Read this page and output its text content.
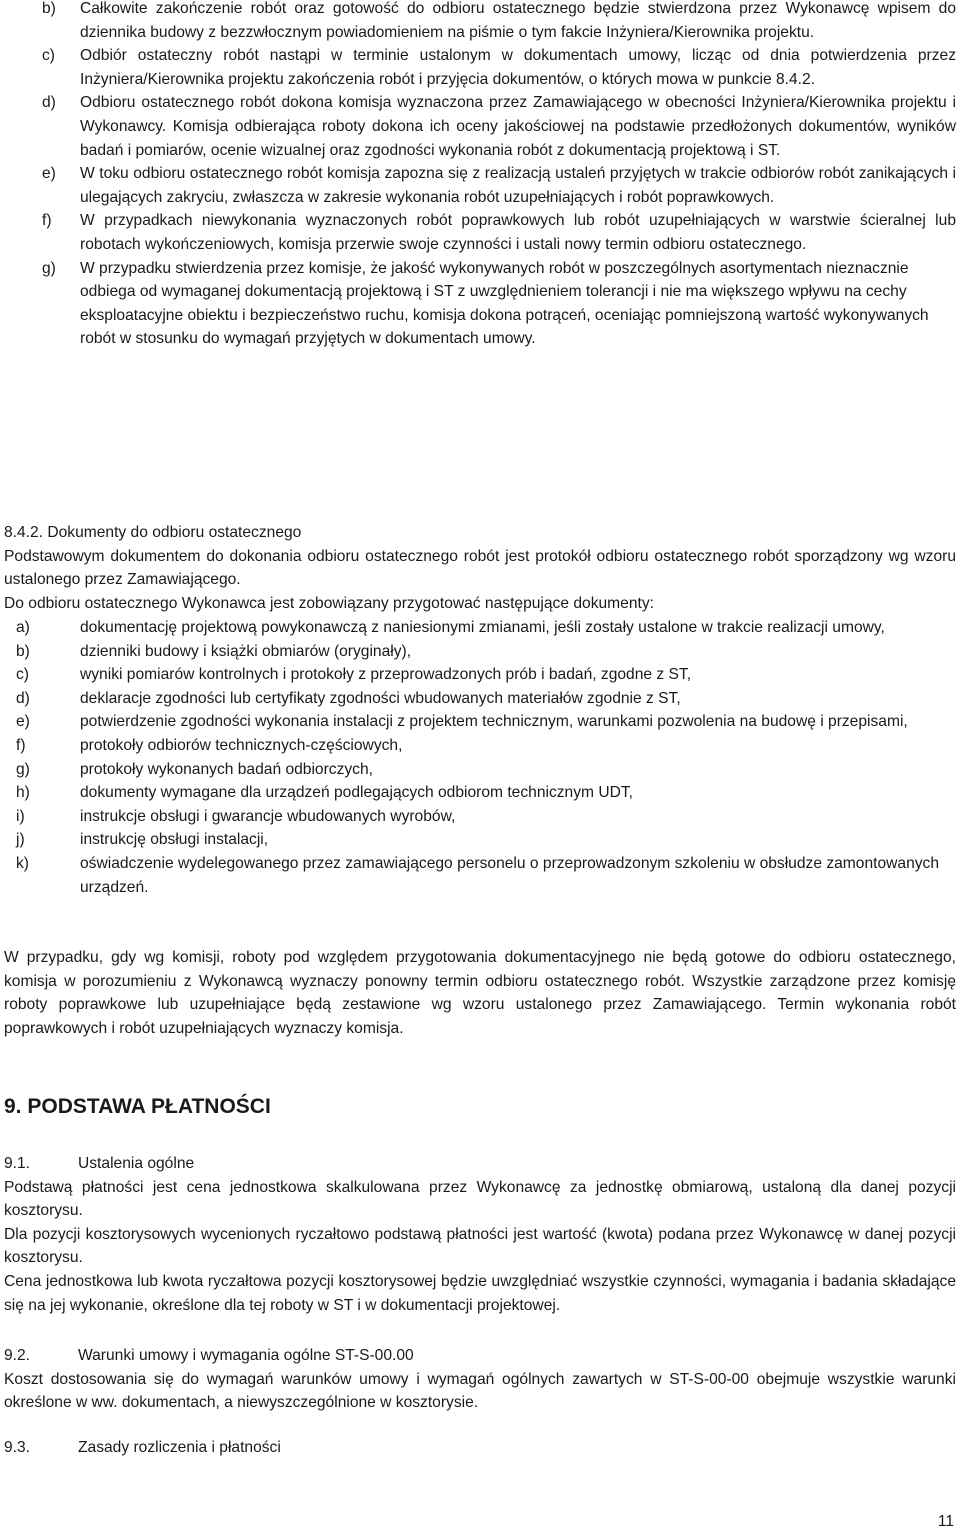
b)	Całkowite zakończenie robót oraz gotowość do odbioru ostatecznego będzie stwierdzona przez Wykonawcę wpisem do dziennika budowy z bezzwłocznym powiadomieniem na piśmie o tym fakcie Inżyniera/Kierownika projektu.
c)	Odbiór ostateczny robót nastąpi w terminie ustalonym w dokumentach umowy, licząc od dnia potwierdzenia przez Inżyniera/Kierownika projektu zakończenia robót i przyjęcia dokumentów, o których mowa w punkcie 8.4.2.
d)	Odbioru ostatecznego robót dokona komisja wyznaczona przez Zamawiającego w obecności Inżyniera/Kierownika projektu i Wykonawcy. Komisja odbierająca roboty dokona ich oceny jakościowej na podstawie przedłożonych dokumentów, wyników badań i pomiarów, ocenie wizualnej oraz zgodności wykonania robót z dokumentacją projektową i ST.
e)	W toku odbioru ostatecznego robót komisja zapozna się z realizacją ustaleń przyjętych w trakcie odbiorów robót zanikających i ulegających zakryciu, zwłaszcza w zakresie wykonania robót uzupełniających i robót poprawkowych.
f)	W przypadkach niewykonania wyznaczonych robót poprawkowych lub robót uzupełniających w warstwie ścieralnej lub robotach wykończeniowych, komisja przerwie swoje czynności i ustali nowy termin odbioru ostatecznego.
g)	W przypadku stwierdzenia przez komisje, że jakość wykonywanych robót w poszczególnych asortymentach nieznacznie odbiega od wymaganej dokumentacją projektową i ST z uwzględnieniem tolerancji i nie ma większego wpływu na cechy eksploatacyjne obiektu i bezpieczeństwo ruchu, komisja dokona potrąceń, oceniając pomniejszoną wartość wykonywanych robót w stosunku do wymagań przyjętych w dokumentach umowy.

8.4.2. Dokumenty do odbioru ostatecznego

Podstawowym dokumentem do dokonania odbioru ostatecznego robót jest protokół odbioru ostatecznego robót sporządzony wg wzoru ustalonego przez Zamawiającego.

Do odbioru ostatecznego Wykonawca jest zobowiązany przygotować następujące dokumenty:

a)	dokumentację projektową powykonawczą z naniesionymi zmianami, jeśli zostały ustalone w trakcie realizacji umowy,
b)	dzienniki budowy i książki obmiarów (oryginały),
c)	wyniki pomiarów kontrolnych i protokoły z przeprowadzonych prób i badań, zgodne z ST,
d)	deklaracje zgodności lub certyfikaty zgodności wbudowanych materiałów zgodnie z ST,
e)	potwierdzenie zgodności wykonania instalacji z projektem technicznym, warunkami pozwolenia na budowę i przepisami,
f)	protokoły odbiorów technicznych-częściowych,
g)	protokoły wykonanych badań odbiorczych,
h)	dokumenty wymagane dla urządzeń podlegających odbiorom technicznym UDT,
i)	instrukcje obsługi i gwarancje wbudowanych wyrobów,
j)	instrukcję obsługi instalacji,
k)	oświadczenie wydelegowanego przez zamawiającego personelu o przeprowadzonym szkoleniu w obsłudze zamontowanych urządzeń.

W przypadku, gdy wg komisji, roboty pod względem przygotowania dokumentacyjnego nie będą gotowe do odbioru ostatecznego, komisja w porozumieniu z Wykonawcą wyznaczy ponowny termin odbioru ostatecznego robót. Wszystkie zarządzone przez komisję roboty poprawkowe lub uzupełniające będą zestawione wg wzoru ustalonego przez Zamawiającego. Termin wykonania robót poprawkowych i robót uzupełniających wyznaczy komisja.

9. PODSTAWA PŁATNOŚCI
9.1.	Ustalenia ogólne

Podstawą płatności jest cena jednostkowa skalkulowana przez Wykonawcę za jednostkę obmiarową, ustaloną dla danej pozycji kosztorysu.

Dla pozycji kosztorysowych wycenionych ryczałtowo podstawą płatności jest wartość (kwota) podana przez Wykonawcę w danej pozycji kosztorysu.

Cena jednostkowa lub kwota ryczałtowa pozycji kosztorysowej będzie uwzględniać wszystkie czynności, wymagania i badania składające się na jej wykonanie, określone dla tej roboty w ST i w dokumentacji projektowej.

9.2.	Warunki umowy i wymagania ogólne ST-S-00.00

Koszt dostosowania się do wymagań warunków umowy i wymagań ogólnych zawartych w ST-S-00-00 obejmuje wszystkie warunki określone w ww. dokumentach, a niewyszczególnione w kosztorysie.

9.3.	Zasady rozliczenia i płatności
11
